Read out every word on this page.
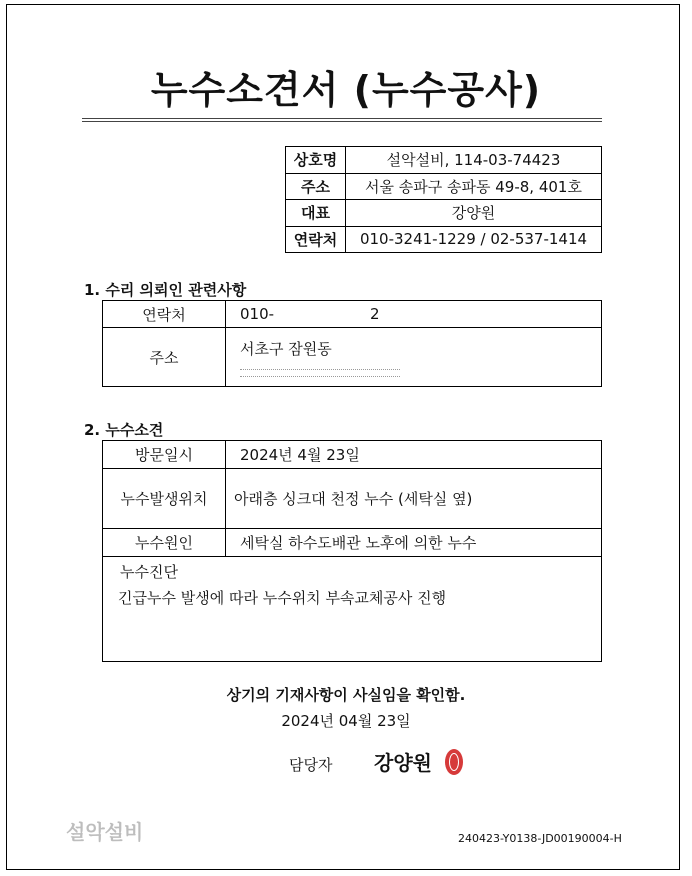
누수소견서 (누수공사)
상호명	설악설비, 114-03-74423
주소	서울 송파구 송파동 49-8, 401호
대표	강양원
연락처	010-3241-1229 / 02-537-1414
1. 수리 의뢰인 관련사항
연락처	010- 2
주소	서초구 잠원동
2. 누수소견
방문일시	2024년 4월 23일
누수발생위치	아래층 싱크대 천정 누수 (세탁실 옆)
누수원인	세탁실 하수도배관 노후에 의한 누수

누수진단
긴급누수 발생에 따라 누수위치 부속교체공사 진행	
상기의 기재사항이 사실임을 확인함.
2024년 04월 23일
담당자 강양원
설악설비	240423-Y0138-JD00190004-H
